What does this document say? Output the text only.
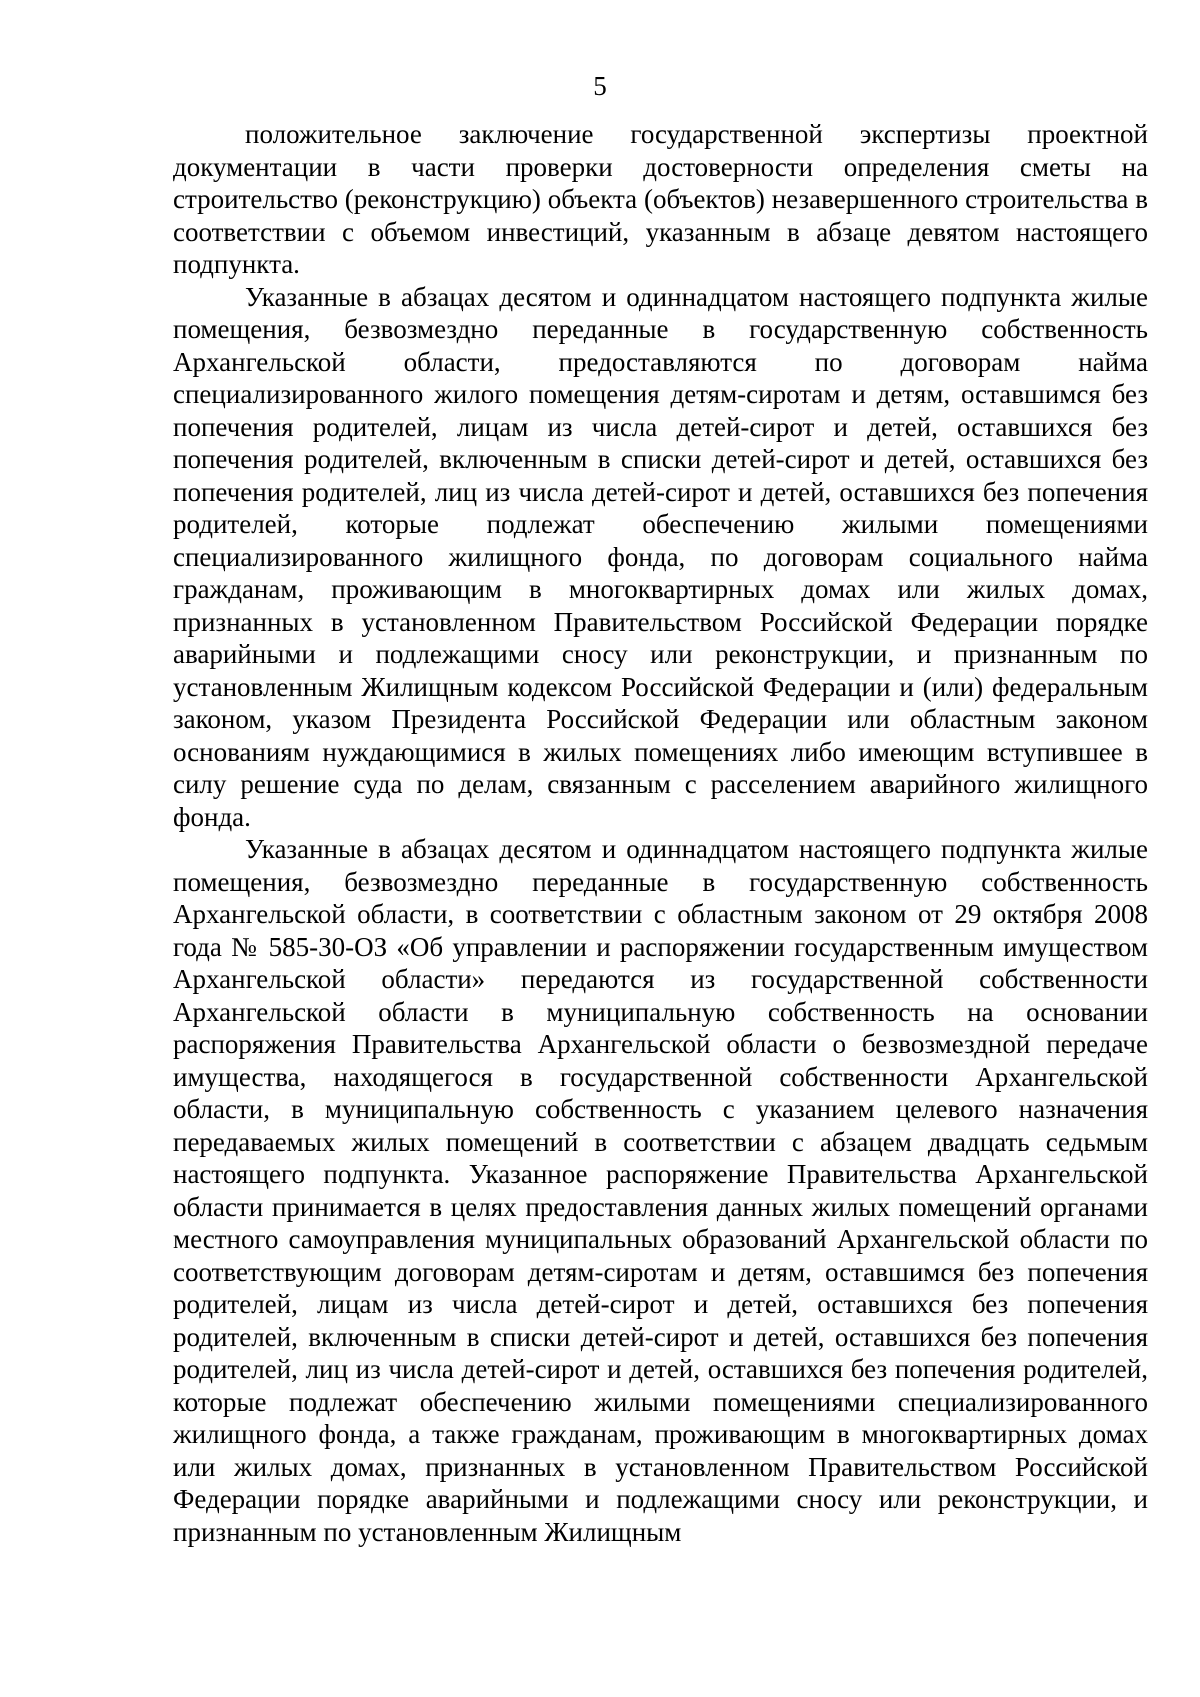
5

положительное заключение государственной экспертизы проектной документации в части проверки достоверности определения сметы на строительство (реконструкцию) объекта (объектов) незавершенного строительства в соответствии с объемом инвестиций, указанным в абзаце девятом настоящего подпункта.

Указанные в абзацах десятом и одиннадцатом настоящего подпункта жилые помещения, безвозмездно переданные в государственную собственность Архангельской области, предоставляются по договорам найма специализированного жилого помещения детям-сиротам и детям, оставшимся без попечения родителей, лицам из числа детей-сирот и детей, оставшихся без попечения родителей, включенным в списки детей-сирот и детей, оставшихся без попечения родителей, лиц из числа детей-сирот и детей, оставшихся без попечения родителей, которые подлежат обеспечению жилыми помещениями специализированного жилищного фонда, по договорам социального найма гражданам, проживающим в многоквартирных домах или жилых домах, признанных в установленном Правительством Российской Федерации порядке аварийными и подлежащими сносу или реконструкции, и признанным по установленным Жилищным кодексом Российской Федерации и (или) федеральным законом, указом Президента Российской Федерации или областным законом основаниям нуждающимися в жилых помещениях либо имеющим вступившее в силу решение суда по делам, связанным с расселением аварийного жилищного фонда.

Указанные в абзацах десятом и одиннадцатом настоящего подпункта жилые помещения, безвозмездно переданные в государственную собственность Архангельской области, в соответствии с областным законом от 29 октября 2008 года № 585-30-ОЗ «Об управлении и распоряжении государственным имуществом Архангельской области» передаются из государственной собственности Архангельской области в муниципальную собственность на основании распоряжения Правительства Архангельской области о безвозмездной передаче имущества, находящегося в государственной собственности Архангельской области, в муниципальную собственность с указанием целевого назначения передаваемых жилых помещений в соответствии с абзацем двадцать седьмым настоящего подпункта. Указанное распоряжение Правительства Архангельской области принимается в целях предоставления данных жилых помещений органами местного самоуправления муниципальных образований Архангельской области по соответствующим договорам детям-сиротам и детям, оставшимся без попечения родителей, лицам из числа детей-сирот и детей, оставшихся без попечения родителей, включенным в списки детей-сирот и детей, оставшихся без попечения родителей, лиц из числа детей-сирот и детей, оставшихся без попечения родителей, которые подлежат обеспечению жилыми помещениями специализированного жилищного фонда, а также гражданам, проживающим в многоквартирных домах или жилых домах, признанных в установленном Правительством Российской Федерации порядке аварийными и подлежащими сносу или реконструкции, и признанным по установленным Жилищным
